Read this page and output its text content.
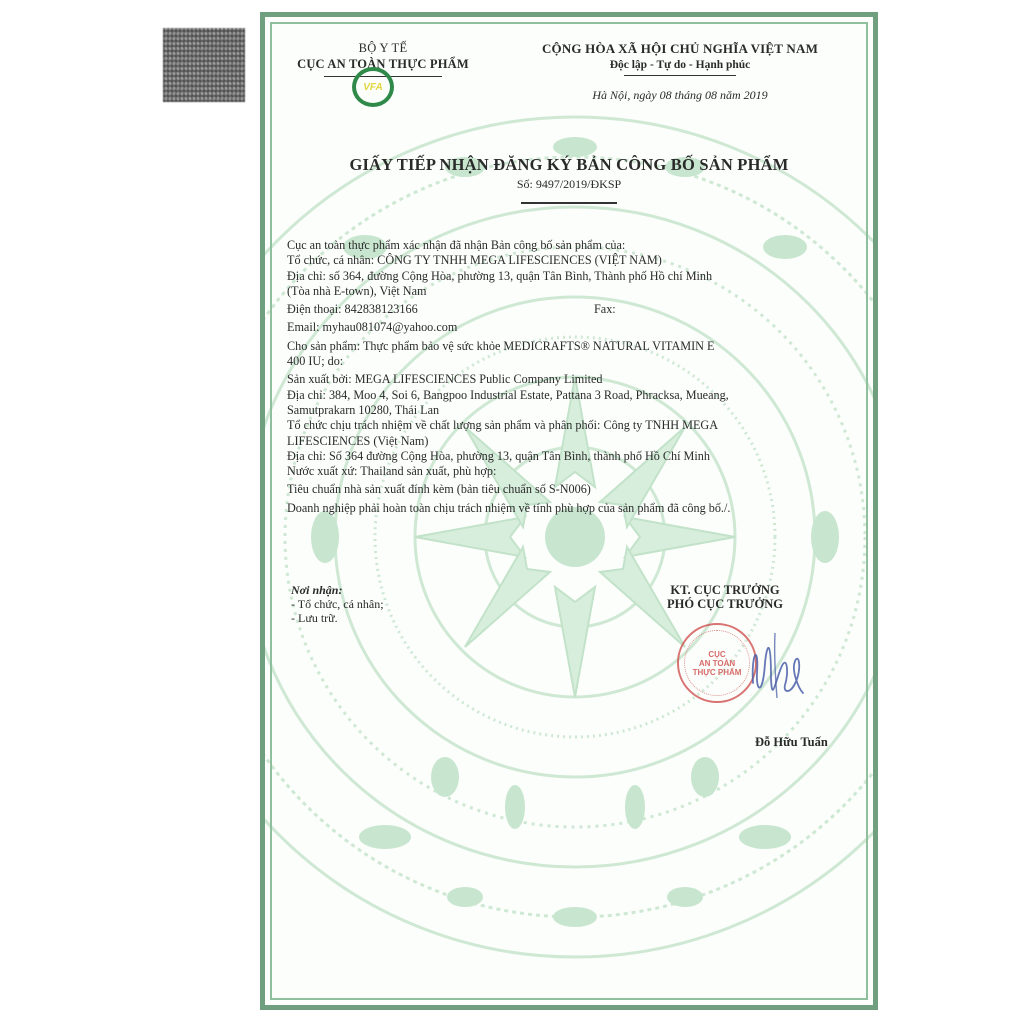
BỘ Y TẾ
CỤC AN TOÀN THỰC PHẨM
VFA
CỘNG HÒA XÃ HỘI CHỦ NGHĨA VIỆT NAM
Độc lập - Tự do - Hạnh phúc
Hà Nội, ngày 08 tháng 08 năm 2019
GIẤY TIẾP NHẬN ĐĂNG KÝ BẢN CÔNG BỐ SẢN PHẨM
Số: 9497/2019/ĐKSP
Cục an toàn thực phẩm xác nhận đã nhận Bản công bố sản phẩm của:
Tổ chức, cá nhân: CÔNG TY TNHH MEGA LIFESCIENCES (VIỆT NAM)
Địa chỉ: số 364, đường Cộng Hòa, phường 13, quận Tân Bình, Thành phố Hồ chí Minh
(Tòa nhà E-town), Việt Nam
Điện thoại: 842838123166	Fax:
Email: myhau081074@yahoo.com
Cho sản phẩm: Thực phẩm bảo vệ sức khỏe MEDICRAFTS® NATURAL VITAMIN E
400 IU; do:
Sản xuất bởi: MEGA LIFESCIENCES Public Company Limited
Địa chỉ: 384, Moo 4, Soi 6, Bangpoo Industrial Estate, Pattana 3 Road, Phracksa, Mueang,
Samutprakarn 10280, Thái Lan
Tổ chức chịu trách nhiệm về chất lượng sản phẩm và phân phối: Công ty TNHH MEGA
LIFESCIENCES (Việt Nam)
Địa chỉ: Số 364 đường Cộng Hòa, phường 13, quận Tân Bình, thành phố Hồ Chí Minh
Nước xuất xứ: Thailand sản xuất, phù hợp:
Tiêu chuẩn nhà sản xuất đính kèm (bản tiêu chuẩn số S-N006)
Doanh nghiệp phải hoàn toàn chịu trách nhiệm về tính phù hợp của sản phẩm đã công bố./.
Nơi nhận:
- Tổ chức, cá nhân;
- Lưu trữ.
KT. CỤC TRƯỞNG
PHÓ CỤC TRƯỞNG
CỤC
AN TOÀN
THỰC PHẨM
Đỗ Hữu Tuấn
